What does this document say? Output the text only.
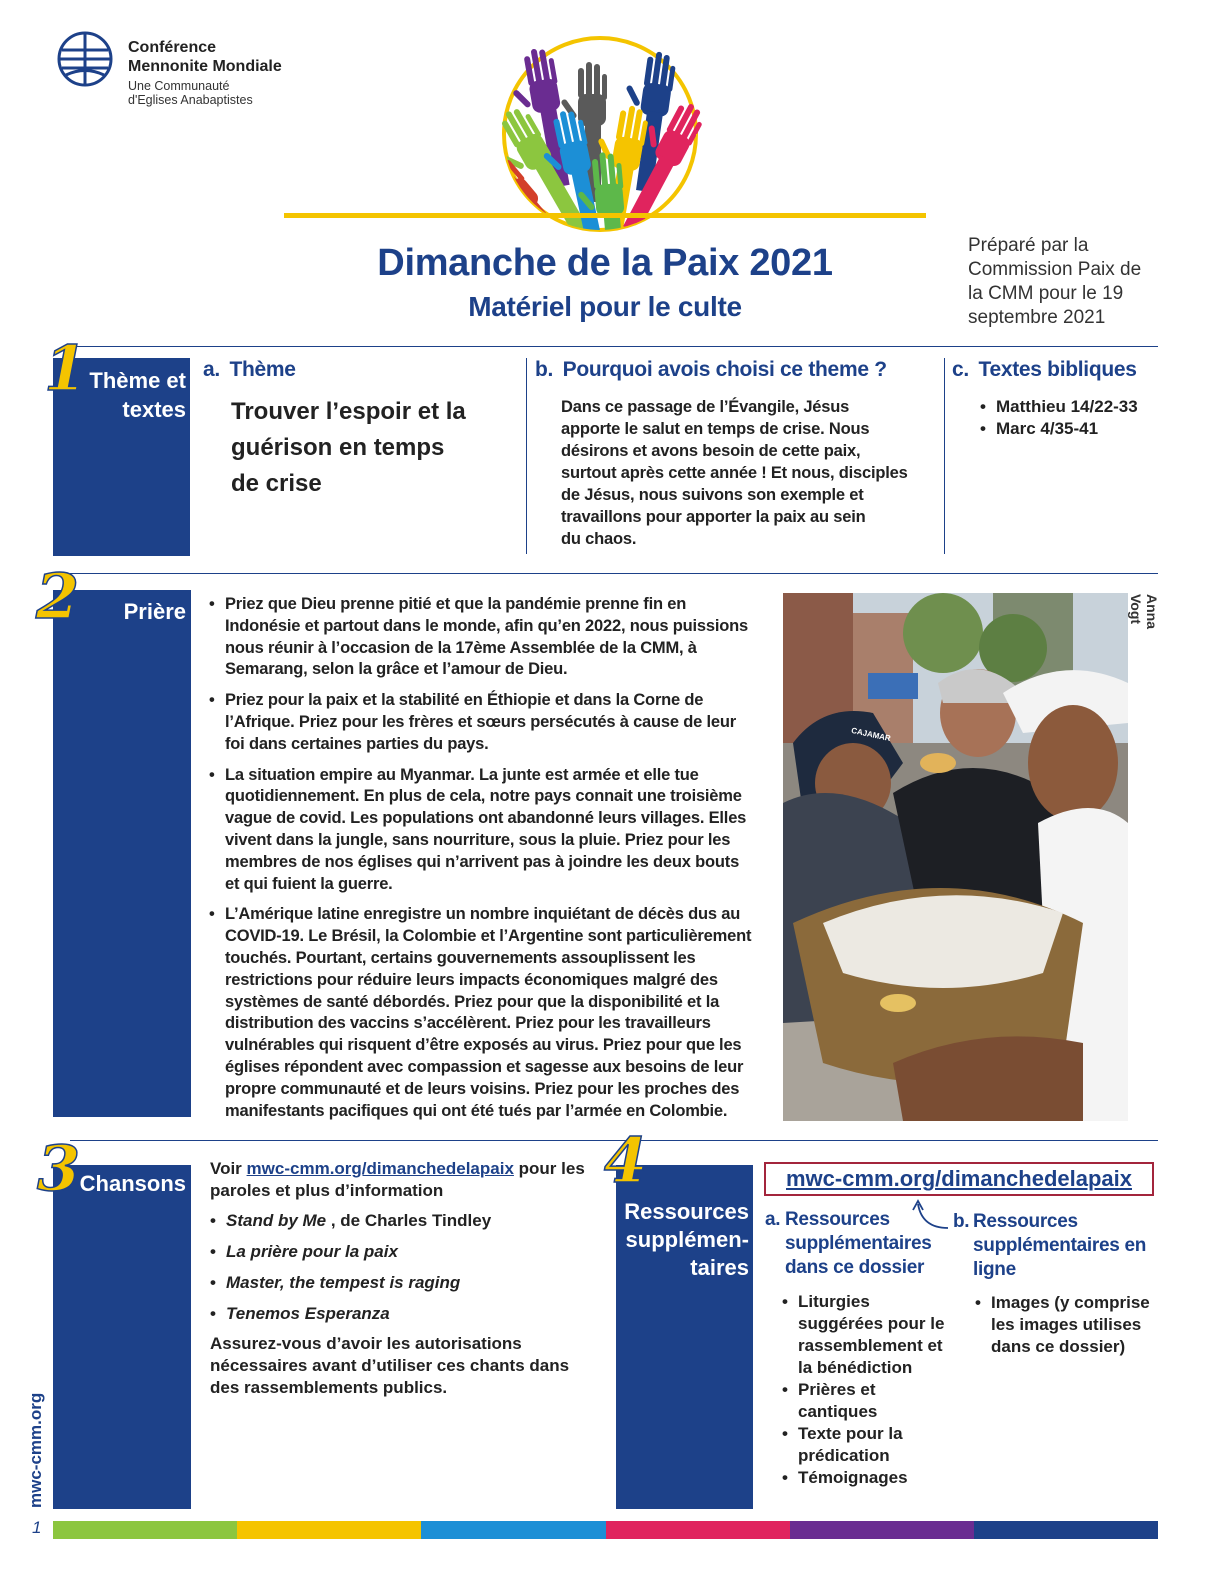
Conférence
Mennonite Mondiale
Une Communauté
d'Eglises Anabaptistes
Dimanche de la Paix 2021
Matériel pour le culte
Préparé par la
Commission Paix de
la CMM pour le 19
septembre 2021
1 Thème et
textes
a. Thème
Trouver l’espoir et la
guérison en temps
de crise
b. Pourquoi avois choisi ce theme ?
Dans ce passage de l’Évangile, Jésus
apporte le salut en temps de crise. Nous
désirons et avons besoin de cette paix,
surtout après cette année ! Et nous, disciples
de Jésus, nous suivons son exemple et
travaillons pour apporter la paix au sein
du chaos.
c. Textes bibliques
• Matthieu 14/22-33
• Marc 4/35-41
2	Prière
• Priez que Dieu prenne pitié et que la pandémie prenne fin en
Indonésie et partout dans le monde, afin qu’en 2022, nous puissions
nous réunir à l’occasion de la 17ème Assemblée de la CMM, à
Semarang, selon la grâce et l’amour de Dieu.
• Priez pour la paix et la stabilité en Éthiopie et dans la Corne de
l’Afrique. Priez pour les frères et sœurs persécutés à cause de leur
foi dans certaines parties du pays.
• La situation empire au Myanmar. La junte est armée et elle tue
quotidiennement. En plus de cela, notre pays connait une troisième
vague de covid. Les populations ont abandonné leurs villages. Elles
vivent dans la jungle, sans nourriture, sous la pluie. Priez pour les
membres de nos églises qui n’arrivent pas à joindre les deux bouts
et qui fuient la guerre.
• L’Amérique latine enregistre un nombre inquiétant de décès dus au
COVID-19. Le Brésil, la Colombie et l’Argentine sont particulièrement
touchés. Pourtant, certains gouvernements assouplissent les
restrictions pour réduire leurs impacts économiques malgré des
systèmes de santé débordés. Priez pour que la disponibilité et la
distribution des vaccins s’accélèrent. Priez pour les travailleurs
vulnérables qui risquent d’être exposés au virus. Priez pour que les
églises répondent avec compassion et sagesse aux besoins de leur
propre communauté et de leurs voisins. Priez pour les proches des
manifestants pacifiques qui ont été tués par l’armée en Colombie.
CAJAMAR
Anna Vogt
3 Chansons
Voir mwc-cmm.org/dimanchedelapaix pour les
paroles et plus d’information
• Stand by Me , de Charles Tindley
• La prière pour la paix
• Master, the tempest is raging
• Tenemos Esperanza
Assurez-vous d’avoir les autorisations
nécessaires avant d’utiliser ces chants dans
des rassemblements publics.
4
Ressources
supplémen-
taires
mwc-cmm.org/dimanchedelapaix
a. Ressources
supplémentaires
dans ce dossier
• Liturgies
suggérées pour le
rassemblement et
la bénédiction
• Prières et
cantiques
• Texte pour la
prédication
• Témoignages
b. Ressources
supplémentaires en
ligne
• Images (y comprise
les images utilises
dans ce dossier)
mwc-cmm.org
1
